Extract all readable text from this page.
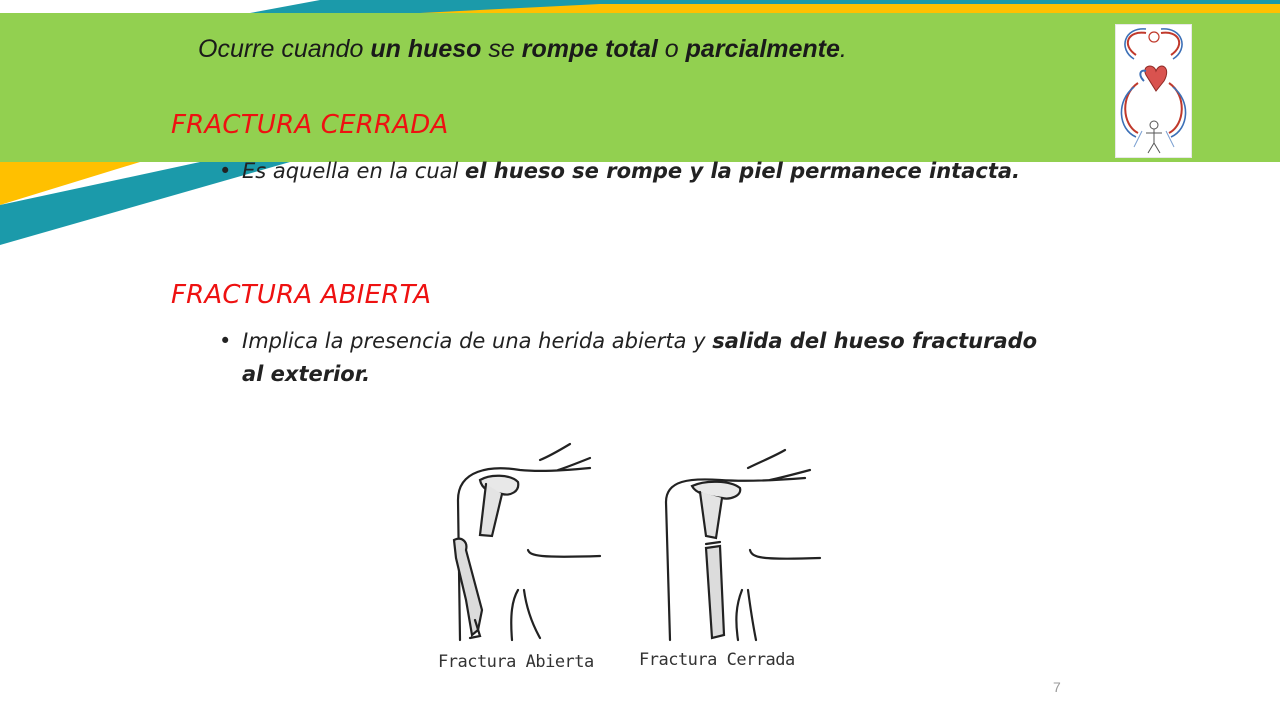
Ocurre cuando un hueso se rompe total o parcialmente.

FRACTURA CERRADA
• Es aquella en la cual el hueso se rompe y la piel permanece intacta.
FRACTURA ABIERTA
• Implica la presencia de una herida abierta y salida del hueso fracturado al exterior.
Fractura Abierta	Fractura Cerrada
7
